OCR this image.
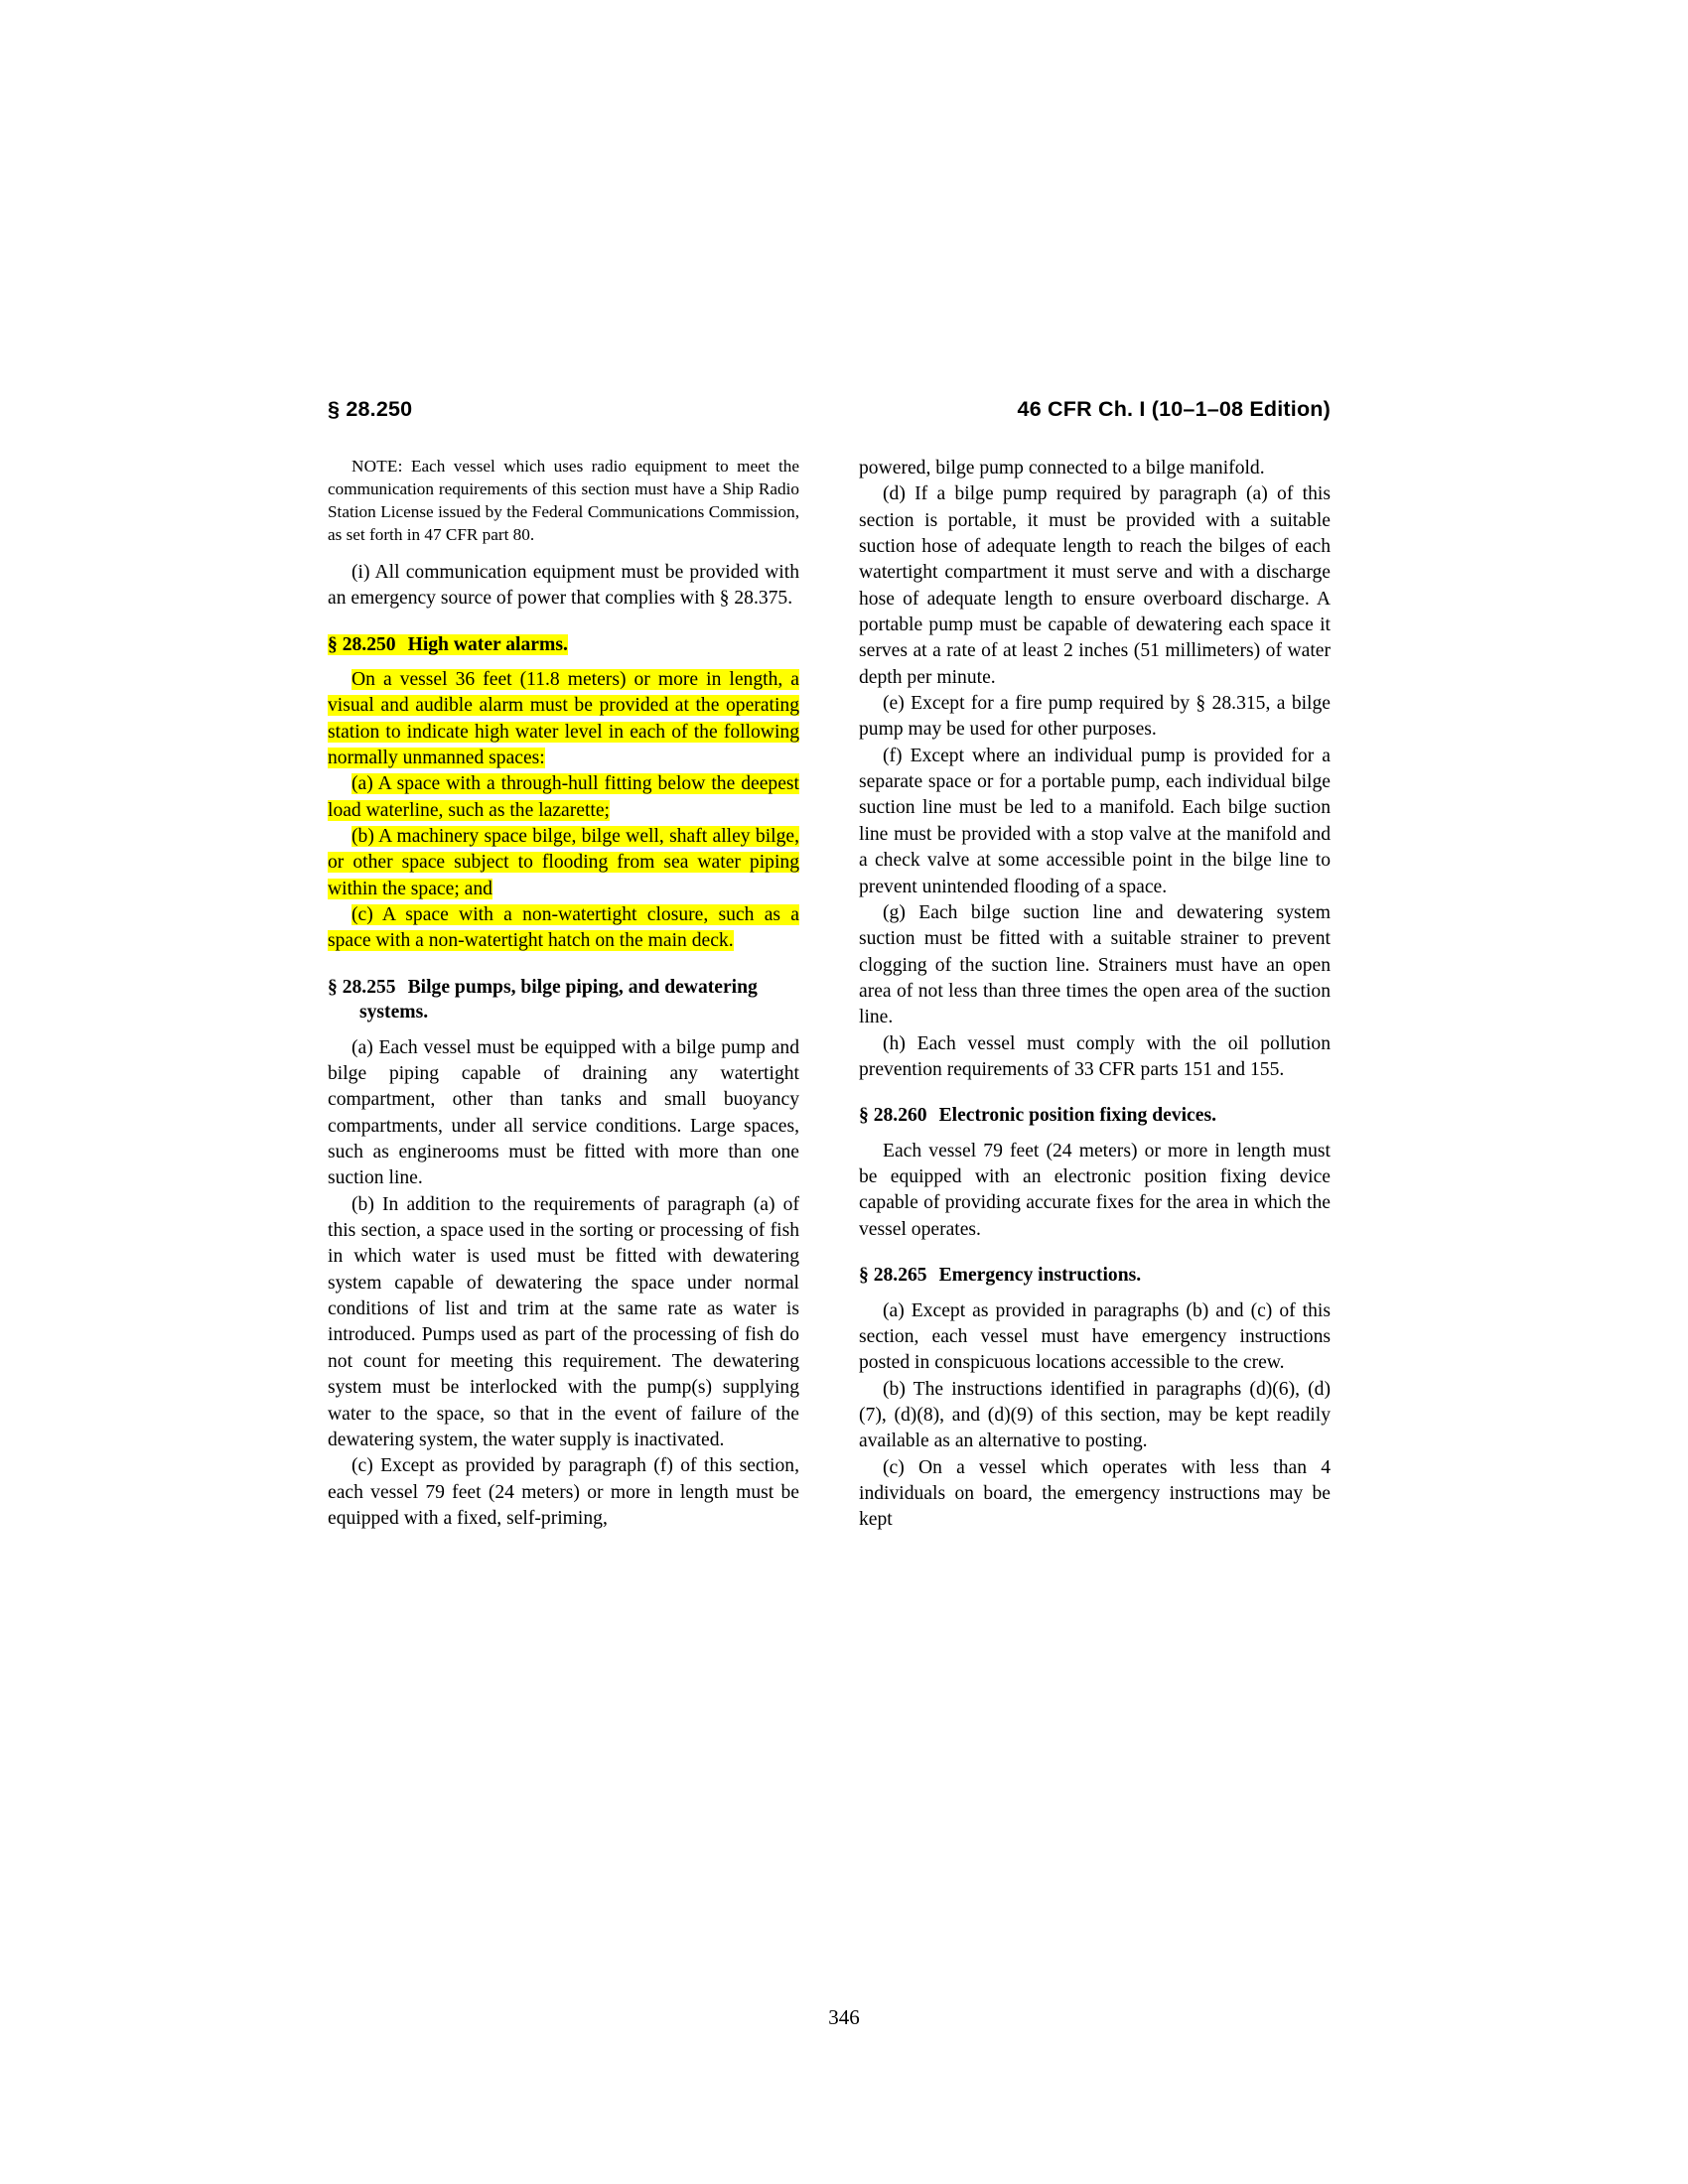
§ 28.250	46 CFR Ch. I (10–1–08 Edition)

NOTE: Each vessel which uses radio equipment to meet the communication requirements of this section must have a Ship Radio Station License issued by the Federal Communications Commission, as set forth in 47 CFR part 80.

(i) All communication equipment must be provided with an emergency source of power that complies with § 28.375.

§ 28.250 High water alarms.

On a vessel 36 feet (11.8 meters) or more in length, a visual and audible alarm must be provided at the operating station to indicate high water level in each of the following normally unmanned spaces:

(a) A space with a through-hull fitting below the deepest load waterline, such as the lazarette;

(b) A machinery space bilge, bilge well, shaft alley bilge, or other space subject to flooding from sea water piping within the space; and

(c) A space with a non-watertight closure, such as a space with a non-watertight hatch on the main deck.

§ 28.255 Bilge pumps, bilge piping, and dewatering systems.

(a) Each vessel must be equipped with a bilge pump and bilge piping capable of draining any watertight compartment, other than tanks and small buoyancy compartments, under all service conditions. Large spaces, such as enginerooms must be fitted with more than one suction line.

(b) In addition to the requirements of paragraph (a) of this section, a space used in the sorting or processing of fish in which water is used must be fitted with dewatering system capable of dewatering the space under normal conditions of list and trim at the same rate as water is introduced. Pumps used as part of the processing of fish do not count for meeting this requirement. The dewatering system must be interlocked with the pump(s) supplying water to the space, so that in the event of failure of the dewatering system, the water supply is inactivated.

(c) Except as provided by paragraph (f) of this section, each vessel 79 feet (24 meters) or more in length must be equipped with a fixed, self-priming,

powered, bilge pump connected to a bilge manifold.

(d) If a bilge pump required by paragraph (a) of this section is portable, it must be provided with a suitable suction hose of adequate length to reach the bilges of each watertight compartment it must serve and with a discharge hose of adequate length to ensure overboard discharge. A portable pump must be capable of dewatering each space it serves at a rate of at least 2 inches (51 millimeters) of water depth per minute.

(e) Except for a fire pump required by § 28.315, a bilge pump may be used for other purposes.

(f) Except where an individual pump is provided for a separate space or for a portable pump, each individual bilge suction line must be led to a manifold. Each bilge suction line must be provided with a stop valve at the manifold and a check valve at some accessible point in the bilge line to prevent unintended flooding of a space.

(g) Each bilge suction line and dewatering system suction must be fitted with a suitable strainer to prevent clogging of the suction line. Strainers must have an open area of not less than three times the open area of the suction line.

(h) Each vessel must comply with the oil pollution prevention requirements of 33 CFR parts 151 and 155.

§ 28.260 Electronic position fixing devices.

Each vessel 79 feet (24 meters) or more in length must be equipped with an electronic position fixing device capable of providing accurate fixes for the area in which the vessel operates.

§ 28.265 Emergency instructions.

(a) Except as provided in paragraphs (b) and (c) of this section, each vessel must have emergency instructions posted in conspicuous locations accessible to the crew.

(b) The instructions identified in paragraphs (d)(6), (d)(7), (d)(8), and (d)(9) of this section, may be kept readily available as an alternative to posting.

(c) On a vessel which operates with less than 4 individuals on board, the emergency instructions may be kept

346
